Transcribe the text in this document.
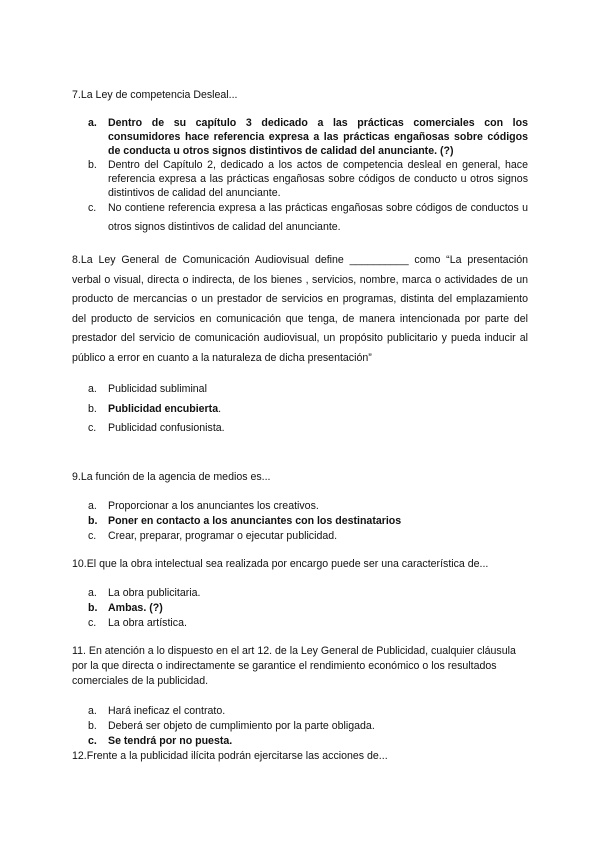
7.La Ley de competencia Desleal...
a. Dentro de su capítulo 3 dedicado a las prácticas comerciales con los consumidores hace referencia expresa a las prácticas engañosas sobre códigos de conducta u otros signos distintivos de calidad del anunciante. (?)
b. Dentro del Capítulo 2, dedicado a los actos de competencia desleal en general, hace referencia expresa a las prácticas engañosas sobre códigos de conducto u otros signos distintivos de calidad del anunciante.
c. No contiene referencia expresa a las prácticas engañosas sobre códigos de conductos u otros signos distintivos de calidad del anunciante.
8.La Ley General de Comunicación Audiovisual define __________ como “La presentación verbal o visual, directa o indirecta, de los bienes , servicios, nombre, marca o actividades de un producto de mercancias o un prestador de servicios en programas, distinta del emplazamiento del producto de servicios en comunicación que tenga, de manera intencionada por parte del prestador del servicio de comunicación audiovisual, un propósito publicitario y pueda inducir al público a error en cuanto a la naturaleza de dicha presentación”
a. Publicidad subliminal
b. Publicidad encubierta.
c. Publicidad confusionista.
9.La función de la agencia de medios es...
a. Proporcionar a los anunciantes los creativos.
b. Poner en contacto a los anunciantes con los destinatarios
c. Crear, preparar, programar o ejecutar publicidad.
10.El que la obra intelectual sea realizada por encargo puede ser una característica de...
a. La obra publicitaria.
b. Ambas. (?)
c. La obra artística.
11. En atención a lo dispuesto en el art 12. de la Ley General de Publicidad, cualquier cláusula por la que directa o indirectamente se garantice el rendimiento económico o los resultados comerciales de la publicidad.
a. Hará ineficaz el contrato.
b. Deberá ser objeto de cumplimiento por la parte obligada.
c. Se tendrá por no puesta.
12.Frente a la publicidad ilícita podrán ejercitarse las acciones de...
